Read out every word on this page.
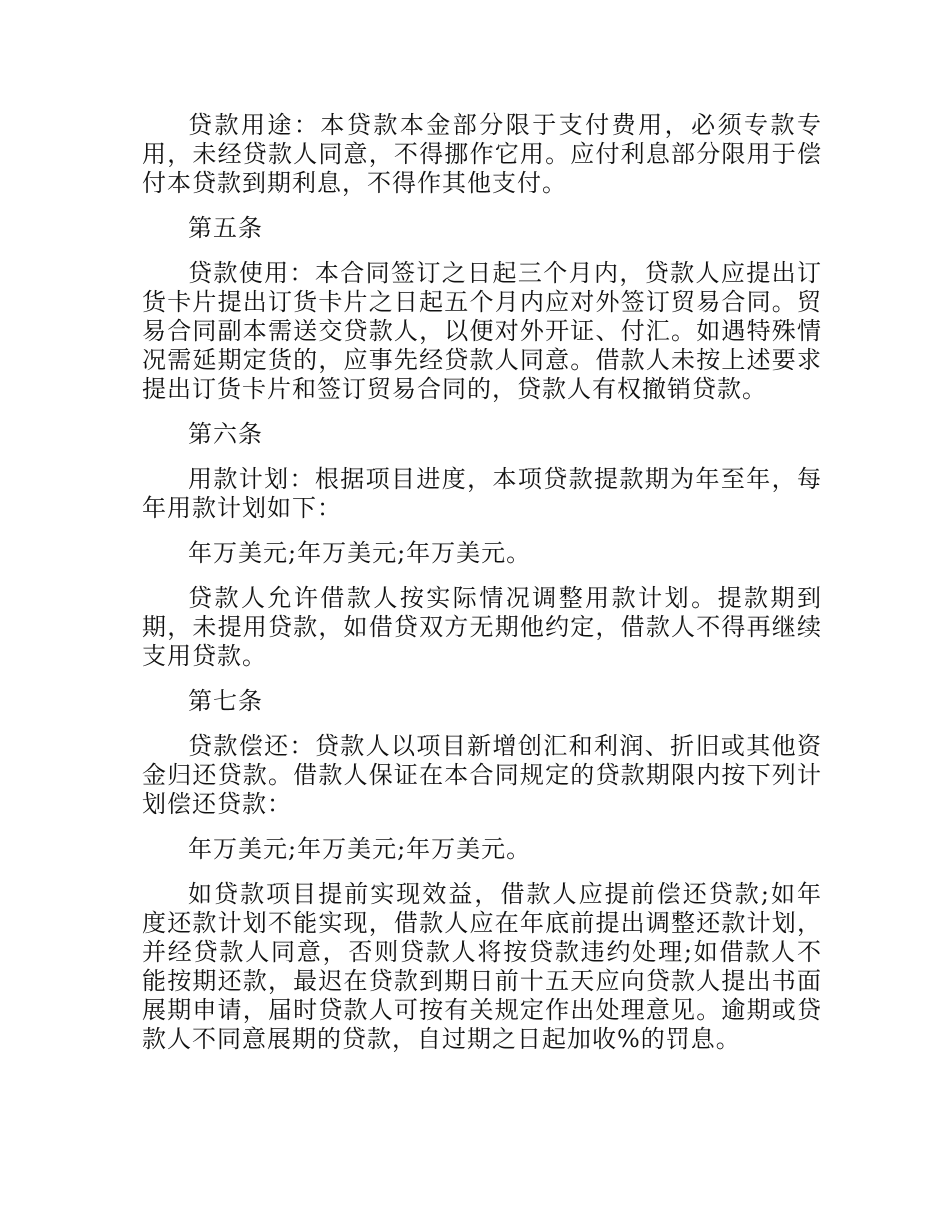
贷款用途：本贷款本金部分限于支付费用，必须专款专用，未经贷款人同意，不得挪作它用。应付利息部分限用于偿付本贷款到期利息，不得作其他支付。

第五条

贷款使用：本合同签订之日起三个月内，贷款人应提出订货卡片提出订货卡片之日起五个月内应对外签订贸易合同。贸易合同副本需送交贷款人，以便对外开证、付汇。如遇特殊情况需延期定货的，应事先经贷款人同意。借款人未按上述要求提出订货卡片和签订贸易合同的，贷款人有权撤销贷款。

第六条

用款计划：根据项目进度，本项贷款提款期为年至年，每年用款计划如下：

年万美元;年万美元;年万美元。

贷款人允许借款人按实际情况调整用款计划。提款期到期，未提用贷款，如借贷双方无期他约定，借款人不得再继续支用贷款。

第七条

贷款偿还：贷款人以项目新增创汇和利润、折旧或其他资金归还贷款。借款人保证在本合同规定的贷款期限内按下列计划偿还贷款：

年万美元;年万美元;年万美元。

如贷款项目提前实现效益，借款人应提前偿还贷款;如年度还款计划不能实现，借款人应在年底前提出调整还款计划，并经贷款人同意，否则贷款人将按贷款违约处理;如借款人不能按期还款，最迟在贷款到期日前十五天应向贷款人提出书面展期申请，届时贷款人可按有关规定作出处理意见。逾期或贷款人不同意展期的贷款，自过期之日起加收%的罚息。
